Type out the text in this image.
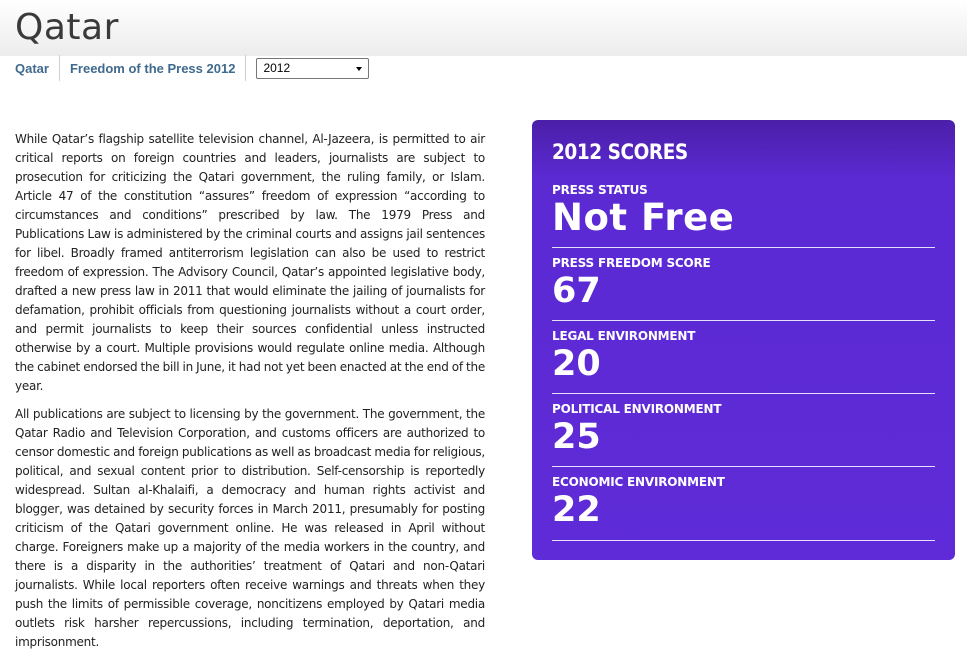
Qatar
Qatar Freedom of the Press 2012	2012

While Qatar’s flagship satellite television channel, Al-Jazeera, is permitted to air critical reports on foreign countries and leaders, journalists are subject to prosecution for criticizing the Qatari government, the ruling family, or Islam. Article 47 of the constitution “assures” freedom of expression “according to circumstances and conditions” prescribed by law. The 1979 Press and Publications Law is administered by the criminal courts and assigns jail sentences for libel. Broadly framed antiterrorism legislation can also be used to restrict freedom of expression. The Advisory Council, Qatar’s appointed legislative body, drafted a new press law in 2011 that would eliminate the jailing of journalists for defamation, prohibit officials from questioning journalists without a court order, and permit journalists to keep their sources confidential unless instructed otherwise by a court. Multiple provisions would regulate online media. Although the cabinet endorsed the bill in June, it had not yet been enacted at the end of the year.

All publications are subject to licensing by the government. The government, the Qatar Radio and Television Corporation, and customs officers are authorized to censor domestic and foreign publications as well as broadcast media for religious, political, and sexual content prior to distribution. Self-censorship is reportedly widespread. Sultan al-Khalaifi, a democracy and human rights activist and blogger, was detained by security forces in March 2011, presumably for posting criticism of the Qatari government online. He was released in April without charge. Foreigners make up a majority of the media workers in the country, and there is a disparity in the authorities’ treatment of Qatari and non-Qatari journalists. While local reporters often receive warnings and threats when they push the limits of permissible coverage, noncitizens employed by Qatari media outlets risk harsher repercussions, including termination, deportation, and imprisonment.

2012 SCORES
PRESS STATUS
Not Free
PRESS FREEDOM SCORE
67
LEGAL ENVIRONMENT
20
POLITICAL ENVIRONMENT
25
ECONOMIC ENVIRONMENT
22
